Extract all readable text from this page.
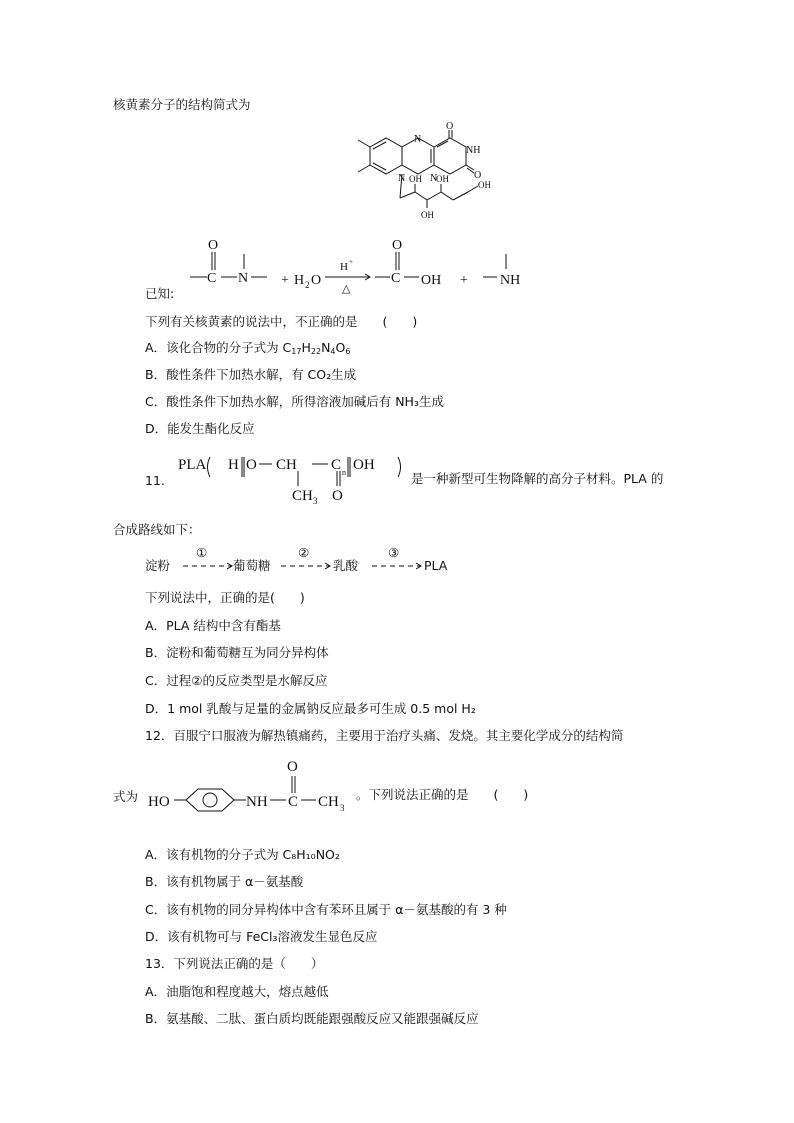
核黄素分子的结构简式为
O
NH
O
N
N
N OH OH
OH
OH
已知:
O
C N + H 2 O
H +
△
O
C OH + NH
下列有关核黄素的说法中，不正确的是　　(　　)
A．该化合物的分子式为 $C_{17}H_{22}N_4O_6$
B．酸性条件下加热水解，有 CO₂生成
C．酸性条件下加热水解，所得溶液加碱后有 NH₃生成
D．能发生酯化反应
11.
PLA H O CH C n OH
CH 3 O
是一种新型可生物降解的高分子材料。PLA 的
合成路线如下：
淀粉
①
葡萄糖
②
乳酸
③
PLA
下列说法中，正确的是(　　)
A．PLA 结构中含有酯基
B．淀粉和葡萄糖互为同分异构体
C．过程②的反应类型是水解反应
D．1 mol 乳酸与足量的金属钠反应最多可生成 0.5 mol H₂
12．百服宁口服液为解热镇痛药，主要用于治疗头痛、发烧。其主要化学成分的结构简
式为 HO	NH C
O
CH 3
。下列说法正确的是　　(　　)
A．该有机物的分子式为 C₈H₁₀NO₂
B．该有机物属于 α－氨基酸
C．该有机物的同分异构体中含有苯环且属于 α－氨基酸的有 3 种
D．该有机物可与 FeCl₃溶液发生显色反应
13．下列说法正确的是（　　）
A．油脂饱和程度越大，熔点越低
B．氨基酸、二肽、蛋白质均既能跟强酸反应又能跟强碱反应
